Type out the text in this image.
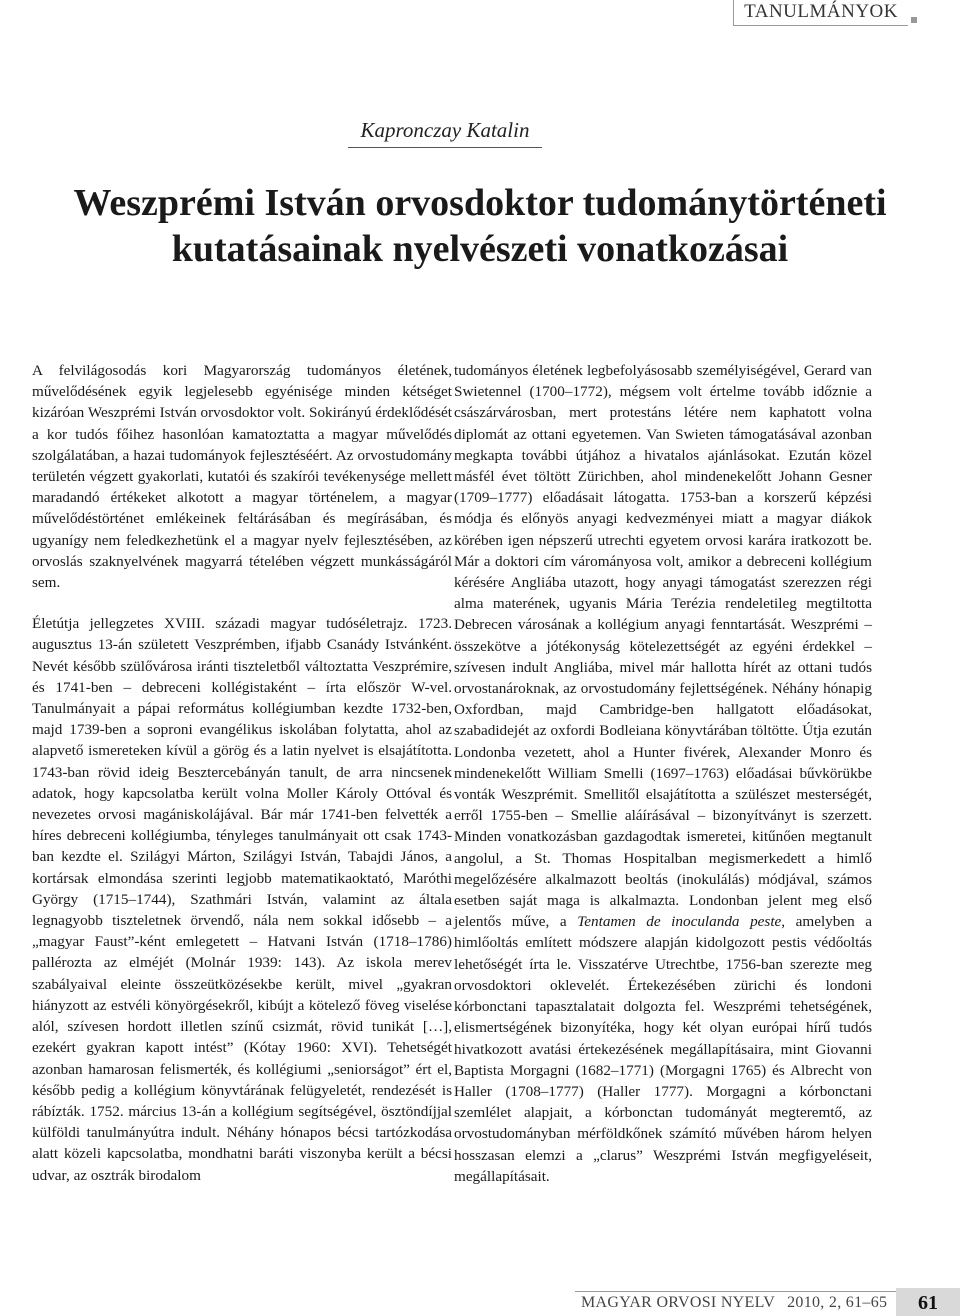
TANULMÁNYOK
Kapronczay Katalin
Weszprémi István orvosdoktor tudománytörténeti
kutatásainak nyelvészeti vonatkozásai

A felvilágosodás kori Magyarország tudományos életének, művelődésének egyik legjelesebb egyénisége minden kétséget kizáróan Weszprémi István orvosdoktor volt. Sokirányú érdeklődését a kor tudós főihez hasonlóan kamatoztatta a magyar művelődés szolgálatában, a hazai tudományok fejlesztéséért. Az orvostudomány területén végzett gyakorlati, kutatói és szakírói tevékenysége mellett maradandó értékeket alkotott a magyar történelem, a magyar művelődéstörténet emlékeinek feltárásában és megírásában, és ugyanígy nem feledkezhetünk el a magyar nyelv fejlesztésében, az orvoslás szaknyelvének magyarrá tételében végzett munkásságáról sem.

Életútja jellegzetes XVIII. századi magyar tudóséletrajz. 1723. augusztus 13-án született Veszprémben, ifjabb Csanády Istvánként. Nevét később szülővárosa iránti tiszteletből változtatta Veszprémire, és 1741-ben – debreceni kollégistaként – írta először W-vel. Tanulmányait a pápai református kollégiumban kezdte 1732-ben, majd 1739-ben a soproni evangélikus iskolában folytatta, ahol az alapvető ismereteken kívül a görög és a latin nyelvet is elsajátította. 1743-ban rövid ideig Besztercebányán tanult, de arra nincsenek adatok, hogy kapcsolatba került volna Moller Károly Ottóval és nevezetes orvosi magániskolájával. Bár már 1741-ben felvették a híres debreceni kollégiumba, tényleges tanulmányait ott csak 1743-ban kezdte el. Szilágyi Márton, Szilágyi István, Tabajdi János, a kortársak elmondása szerinti legjobb matematikaoktató, Maróthi György (1715–1744), Szathmári István, valamint az általa legnagyobb tiszteletnek örvendő, nála nem sokkal idősebb – a „magyar Faust”-ként emlegetett – Hatvani István (1718–1786) pallérozta az elméjét (Molnár 1939: 143). Az iskola merev szabályaival eleinte összeütközésekbe került, mivel „gyakran hiányzott az estvéli könyörgésekről, kibújt a kötelező föveg viselése alól, szívesen hordott illetlen színű csizmát, rövid tunikát […], ezekért gyakran kapott intést” (Kótay 1960: XVI). Tehetségét azonban hamarosan felismerték, és kollégiumi „seniorságot” ért el, később pedig a kollégium könyvtárának felügyeletét, rendezését is rábízták. 1752. március 13-án a kollégium segítségével, ösztöndíjjal külföldi tanulmányútra indult. Néhány hónapos bécsi tartózkodása alatt közeli kapcsolatba, mondhatni baráti viszonyba került a bécsi udvar, az osztrák birodalom

tudományos életének legbefolyásosabb személyiségével, Gerard van Swietennel (1700–1772), mégsem volt értelme tovább időznie a császárvárosban, mert protestáns létére nem kaphatott volna diplomát az ottani egyetemen. Van Swieten támogatásával azonban megkapta további útjához a hivatalos ajánlásokat. Ezután közel másfél évet töltött Zürichben, ahol mindenekelőtt Johann Gesner (1709–1777) előadásait látogatta. 1753-ban a korszerű képzési módja és előnyös anyagi kedvezményei miatt a magyar diákok körében igen népszerű utrechti egyetem orvosi karára iratkozott be. Már a doktori cím várományosa volt, amikor a debreceni kollégium kérésére Angliába utazott, hogy anyagi támogatást szerezzen régi alma materének, ugyanis Mária Terézia rendeletileg megtiltotta Debrecen városának a kollégium anyagi fenntartását. Weszprémi – összekötve a jótékonyság kötelezettségét az egyéni érdekkel – szívesen indult Angliába, mivel már hallotta hírét az ottani tudós orvostanároknak, az orvostudomány fejlettségének. Néhány hónapig Oxfordban, majd Cambridge-ben hallgatott előadásokat, szabadidejét az oxfordi Bodleiana könyvtárában töltötte. Útja ezután Londonba vezetett, ahol a Hunter fivérek, Alexander Monro és mindenekelőtt William Smelli (1697–1763) előadásai bűvkörükbe vonták Weszprémit. Smellitől elsajátította a szülészet mesterségét, erről 1755-ben – Smellie aláírásával – bizonyítványt is szerzett. Minden vonatkozásban gazdagodtak ismeretei, kitűnően megtanult angolul, a St. Thomas Hospitalban megismerkedett a himlő megelőzésére alkalmazott beoltás (inokulálás) módjával, számos esetben saját maga is alkalmazta. Londonban jelent meg első jelentős műve, a Tentamen de inoculanda peste, amelyben a himlőoltás említett módszere alapján kidolgozott pestis védőoltás lehetőségét írta le. Visszatérve Utrechtbe, 1756-ban szerezte meg orvosdoktori oklevelét. Értekezésében zürichi és londoni kórbonctani tapasztalatait dolgozta fel. Weszprémi tehetségének, elismertségének bizonyítéka, hogy két olyan európai hírű tudós hivatkozott avatási értekezésének megállapításaira, mint Giovanni Baptista Morgagni (1682–1771) (Morgagni 1765) és Albrecht von Haller (1708–1777) (Haller 1777). Morgagni a kórbonctani szemlélet alapjait, a kórbonctan tudományát megteremtő, az orvostudományban mérföldkőnek számító művében három helyen hosszasan elemzi a „clarus” Weszprémi István megfigyeléseit, megállapításait.

MAGYAR ORVOSI NYELV 2010, 2, 61–65	61
